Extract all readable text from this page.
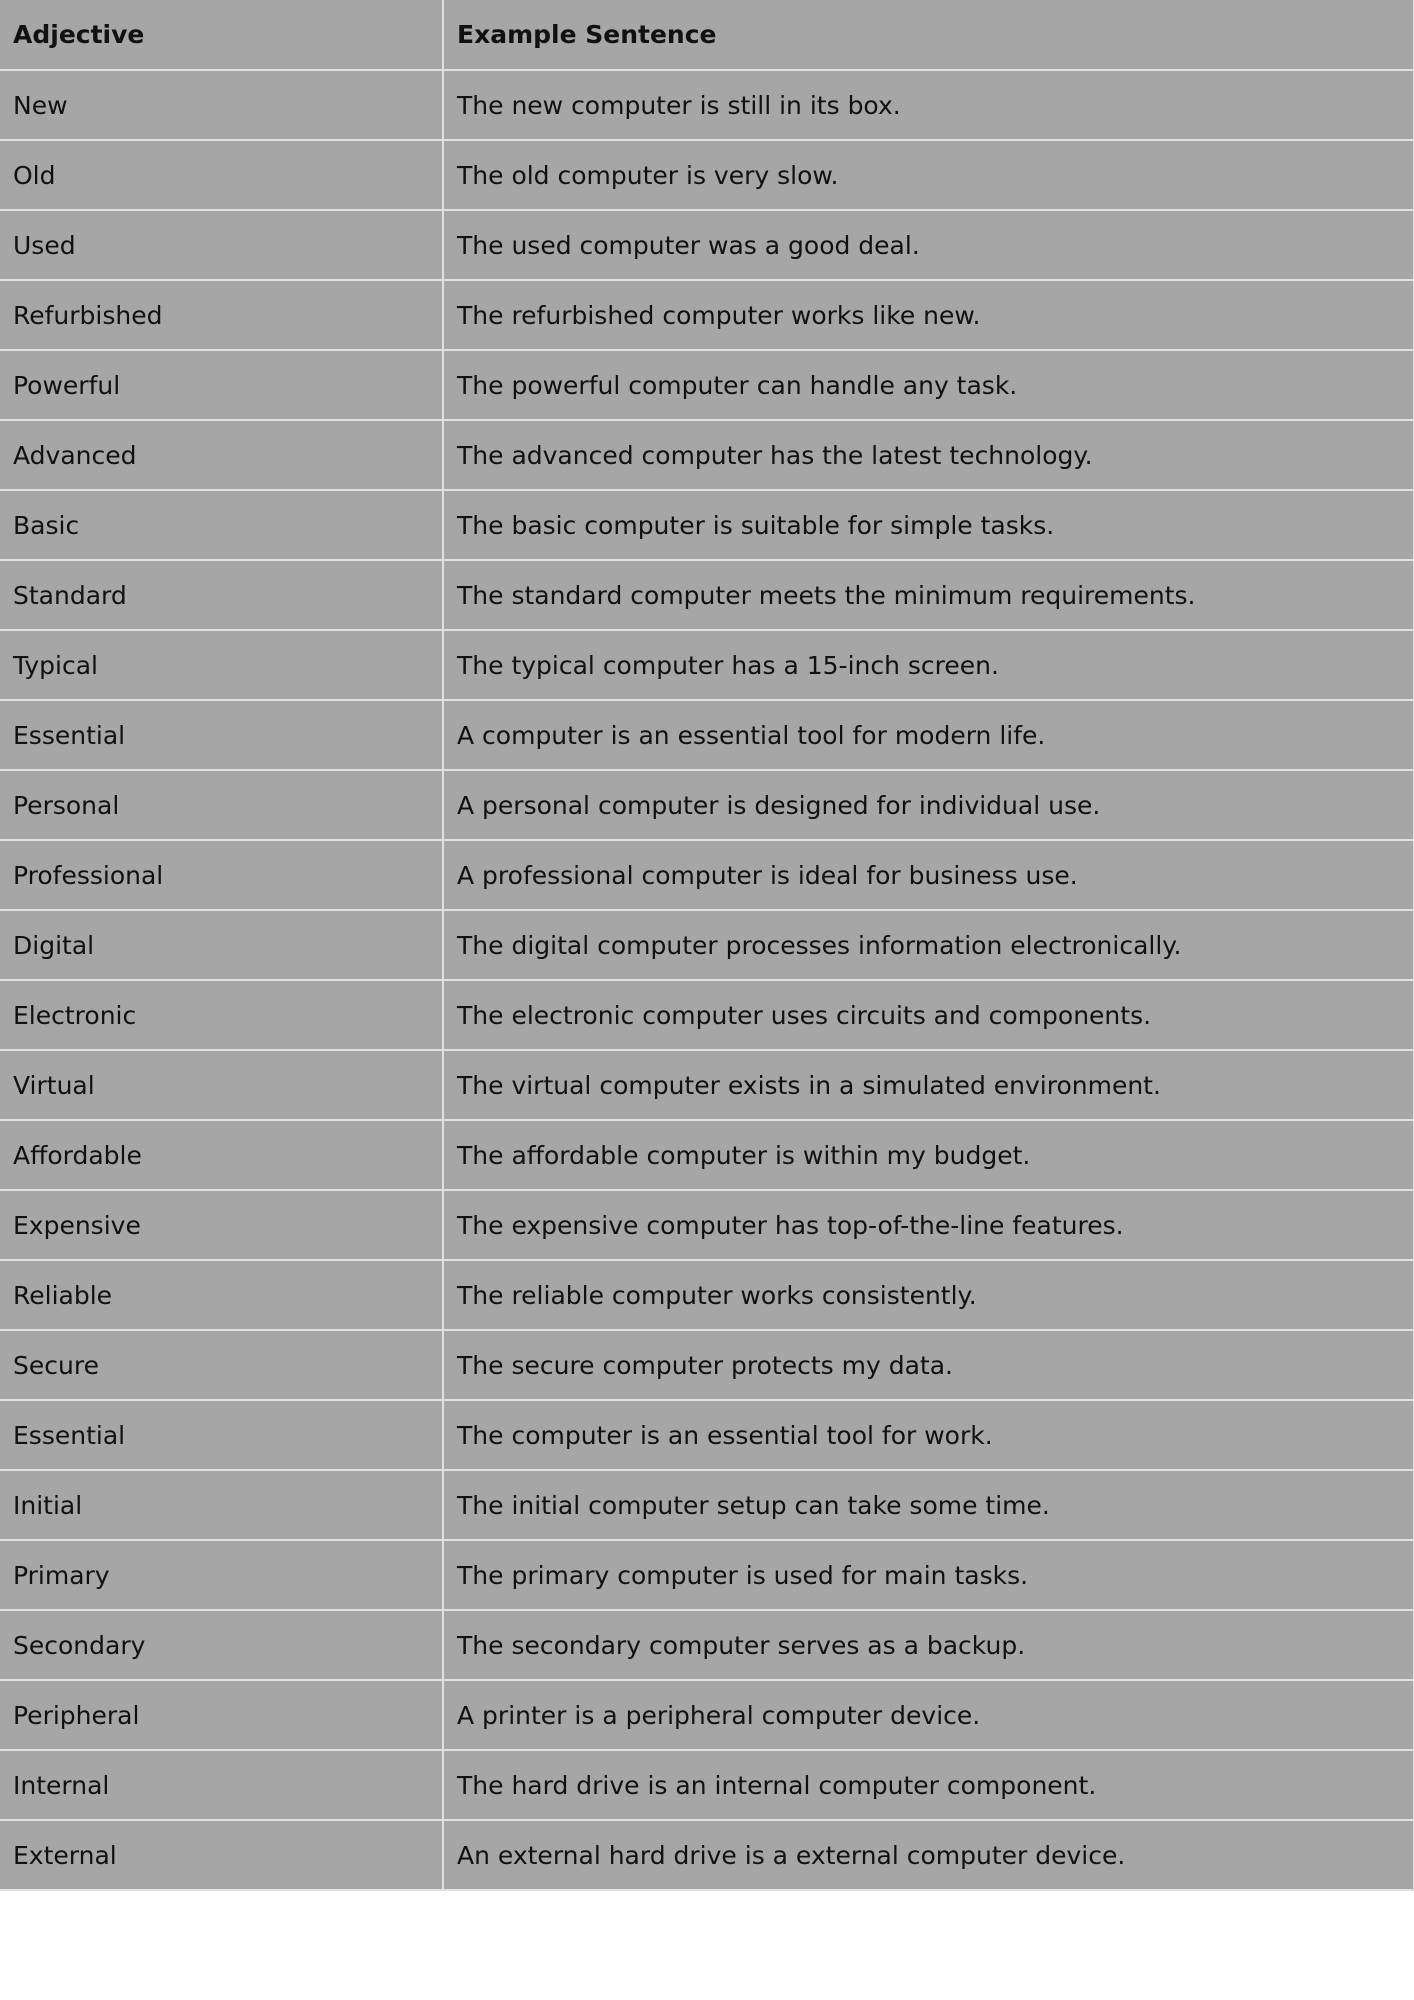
Adjective	Example Sentence
New	The new computer is still in its box.
Old	The old computer is very slow.
Used	The used computer was a good deal.
Refurbished	The refurbished computer works like new.
Powerful	The powerful computer can handle any task.
Advanced	The advanced computer has the latest technology.
Basic	The basic computer is suitable for simple tasks.
Standard	The standard computer meets the minimum requirements.
Typical	The typical computer has a 15-inch screen.
Essential	A computer is an essential tool for modern life.
Personal	A personal computer is designed for individual use.
Professional	A professional computer is ideal for business use.
Digital	The digital computer processes information electronically.
Electronic	The electronic computer uses circuits and components.
Virtual	The virtual computer exists in a simulated environment.
Affordable	The affordable computer is within my budget.
Expensive	The expensive computer has top-of-the-line features.
Reliable	The reliable computer works consistently.
Secure	The secure computer protects my data.
Essential	The computer is an essential tool for work.
Initial	The initial computer setup can take some time.
Primary	The primary computer is used for main tasks.
Secondary	The secondary computer serves as a backup.
Peripheral	A printer is a peripheral computer device.
Internal	The hard drive is an internal computer component.
External	An external hard drive is a external computer device.
